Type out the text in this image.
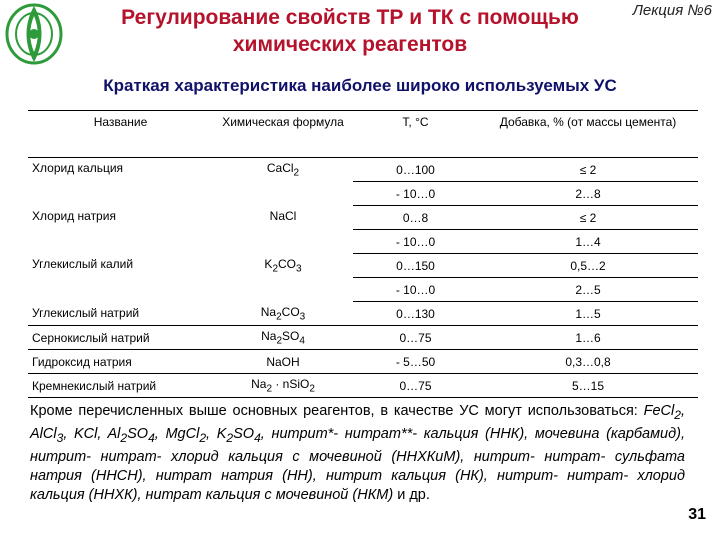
Регулирование свойств ТР и ТК с помощью
химических реагентов
Лекция №6
Краткая характеристика наиболее широко используемых УС
Название	Химическая формула	T, °C	Добавка, % (от массы цемента)
Хлорид кальция	CaCl$_2$	0…100	≤ 2
		- 10…0	2…8
Хлорид натрия	NaCl	0…8	≤ 2
		- 10…0	1…4
Углекислый калий	$K_2CO_3$	0…150	0,5…2
		- 10…0	2…5
Углекислый натрий	$Na_2CO_3$	0…130	1…5
Сернокислый натрий	$Na_2SO_4$	0…75	1…6
Гидроксид натрия	NaOH	- 5…50	0,3…0,8
Кремнекислый натрий	$Na_2$ · nSiO$_2$	0…75	5…15
Кроме перечисленных выше основных реагентов, в качестве УС могут использоваться: FeCl$_2$, AlCl$_3$, KCl, $Al_2SO_4$, MgCl$_2$, $K_2SO_4$, нитрит*- нитрат**- кальция (ННК), мочевина (карбамид), нитрит- нитрат- хлорид кальция с мочевиной (ННХКиМ), нитрит- нитрат- сульфата натрия (ННСН), нитрат натрия (НН), нитрит кальция (НК), нитрит- нитрат- хлорид кальция (ННХК), нитрат кальция с мочевиной (НКМ) и др.
31
